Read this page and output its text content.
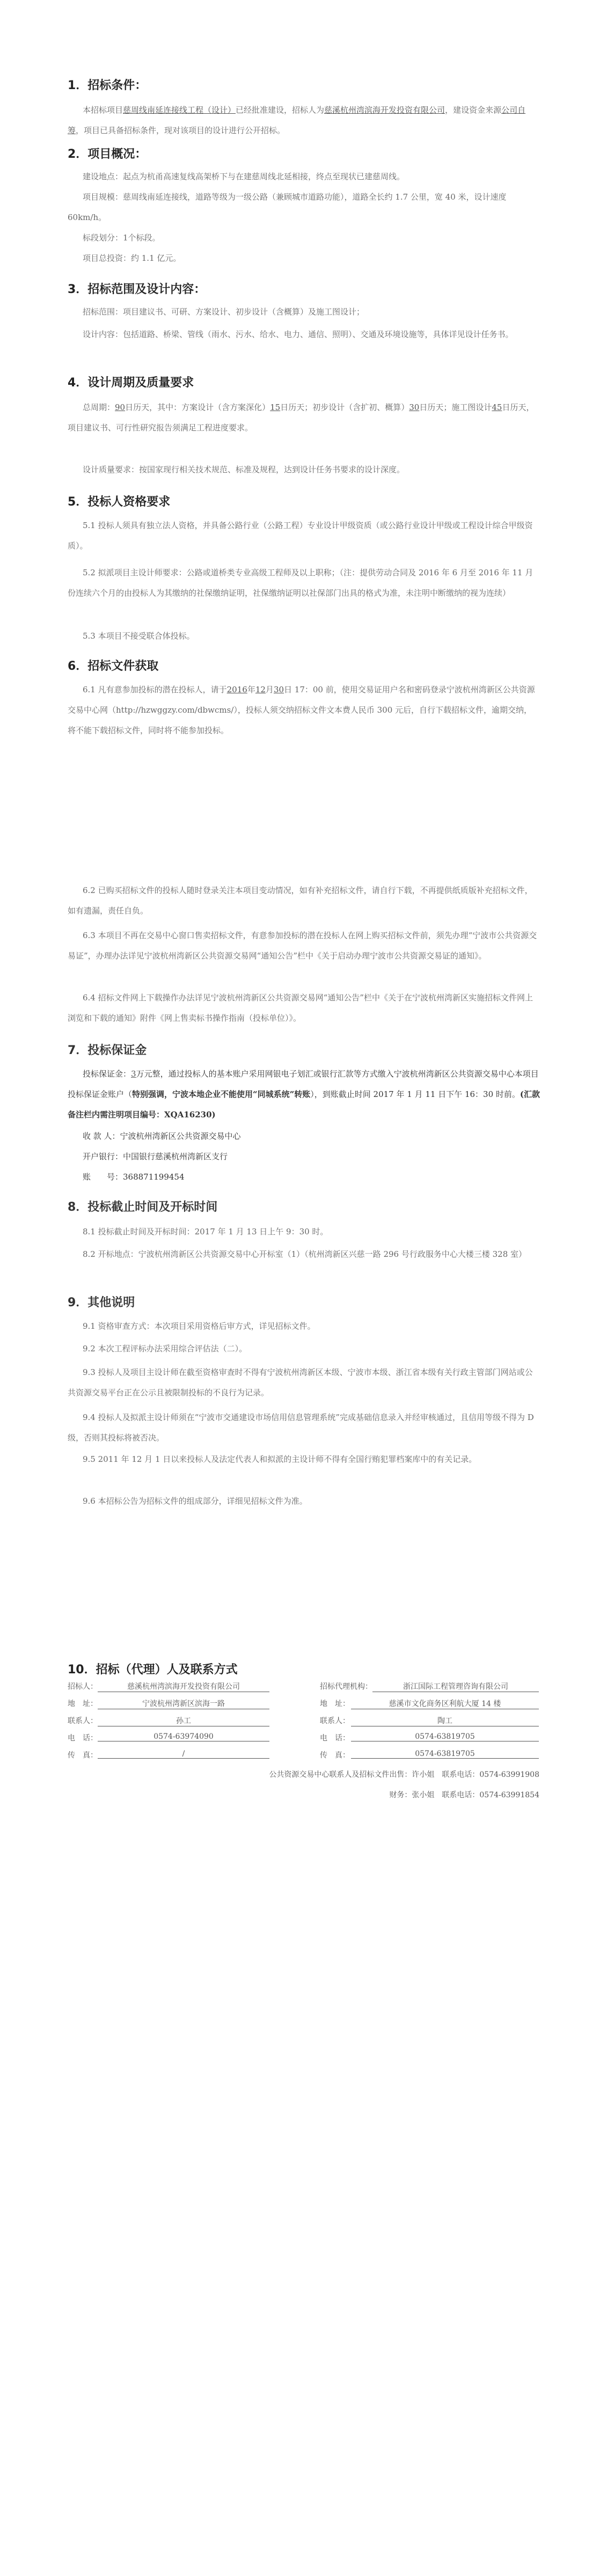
1．招标条件：

本招标项目慈周线南延连接线工程（设计）已经批准建设，招标人为慈溪杭州湾滨海开发投资有限公司，建设资金来源公司自筹，项目已具备招标条件，现对该项目的设计进行公开招标。

2．项目概况：

建设地点：起点为杭甬高速复线高架桥下与在建慈周线北延相接，终点至现状已建慈周线。

项目规模：慈周线南延连接线，道路等级为一级公路（兼顾城市道路功能），道路全长约 1.7 公里，宽 40 米，设计速度 60km/h。

标段划分：1个标段。

项目总投资：约 1.1 亿元。

3．招标范围及设计内容：

招标范围：项目建议书、可研、方案设计、初步设计（含概算）及施工图设计；

设计内容：包括道路、桥梁、管线（雨水、污水、给水、电力、通信、照明）、交通及环境设施等，具体详见设计任务书。

4．设计周期及质量要求

总周期：90日历天，其中：方案设计（含方案深化）15日历天；初步设计（含扩初、概算）30日历天；施工图设计45日历天，项目建议书、可行性研究报告须满足工程进度要求。

设计质量要求：按国家现行相关技术规范、标准及规程，达到设计任务书要求的设计深度。

5．投标人资格要求

5.1 投标人须具有独立法人资格，并具备公路行业（公路工程）专业设计甲级资质（或公路行业设计甲级或工程设计综合甲级资质）。

5.2 拟派项目主设计师要求：公路或道桥类专业高级工程师及以上职称；（注：提供劳动合同及 2016 年 6 月至 2016 年 11 月份连续六个月的由投标人为其缴纳的社保缴纳证明，社保缴纳证明以社保部门出具的格式为准，未注明中断缴纳的视为连续）

5.3 本项目不接受联合体投标。

6．招标文件获取

6.1 凡有意参加投标的潜在投标人，请于2016年12月30日 17：00 前，使用交易证用户名和密码登录宁波杭州湾新区公共资源交易中心网（http://hzwggzy.com/dbwcms/），投标人须交纳招标文件文本费人民币 300 元后，自行下载招标文件，逾期交纳，将不能下载招标文件，同时将不能参加投标。

6.2 已购买招标文件的投标人随时登录关注本项目变动情况，如有补充招标文件，请自行下载，不再提供纸质版补充招标文件，如有遗漏，责任自负。

6.3 本项目不再在交易中心窗口售卖招标文件，有意参加投标的潜在投标人在网上购买招标文件前，须先办理“宁波市公共资源交易证”，办理办法详见宁波杭州湾新区公共资源交易网“通知公告”栏中《关于启动办理宁波市公共资源交易证的通知》。

6.4 招标文件网上下载操作办法详见宁波杭州湾新区公共资源交易网“通知公告”栏中《关于在宁波杭州湾新区实施招标文件网上浏览和下载的通知》附件《网上售卖标书操作指南（投标单位）》。

7．投标保证金

投标保证金：3万元整，通过投标人的基本账户采用网银电子划汇或银行汇款等方式缴入宁波杭州湾新区公共资源交易中心本项目投标保证金账户（特别强调，宁波本地企业不能使用“同城系统”转账），到账截止时间 2017 年 1 月 11 日下午 16：30 时前。(汇款备注栏内需注明项目编号：XQA16230)

收 款 人：宁波杭州湾新区公共资源交易中心

开户银行：中国银行慈溪杭州湾新区支行

账　　号：368871199454

8．投标截止时间及开标时间

8.1 投标截止时间及开标时间：2017 年 1 月 13 日上午 9：30 时。

8.2 开标地点：宁波杭州湾新区公共资源交易中心开标室（1）（杭州湾新区兴慈一路 296 号行政服务中心大楼三楼 328 室）

9．其他说明

9.1 资格审查方式：本次项目采用资格后审方式，详见招标文件。

9.2 本次工程评标办法采用综合评估法（二）。

9.3 投标人及项目主设计师在截至资格审查时不得有宁波杭州湾新区本级、宁波市本级、浙江省本级有关行政主管部门网站或公共资源交易平台正在公示且被限制投标的不良行为记录。

9.4 投标人及拟派主设计师须在“宁波市交通建设市场信用信息管理系统”完成基础信息录入并经审核通过，且信用等级不得为 D 级，否则其投标将被否决。

9.5 2011 年 12 月 1 日以来投标人及法定代表人和拟派的主设计师不得有全国行贿犯罪档案库中的有关记录。

9.6 本招标公告为招标文件的组成部分，详细见招标文件为准。

10．招标（代理）人及联系方式
招标人：	慈溪杭州湾滨海开发投资有限公司	招标代理机构：	浙江国际工程管理咨询有限公司
地　址：	宁波杭州湾新区滨海一路	地　址：	慈溪市文化商务区利航大厦 14 楼
联系人：	孙工	联系人：	陶工
电　话：	0574-63974090	电　话：	0574-63819705
传　真：	/	传　真：	0574-63819705
公共资源交易中心联系人及招标文件出售：许小姐　联系电话：0574-63991908
财务：张小姐　联系电话：0574-63991854
